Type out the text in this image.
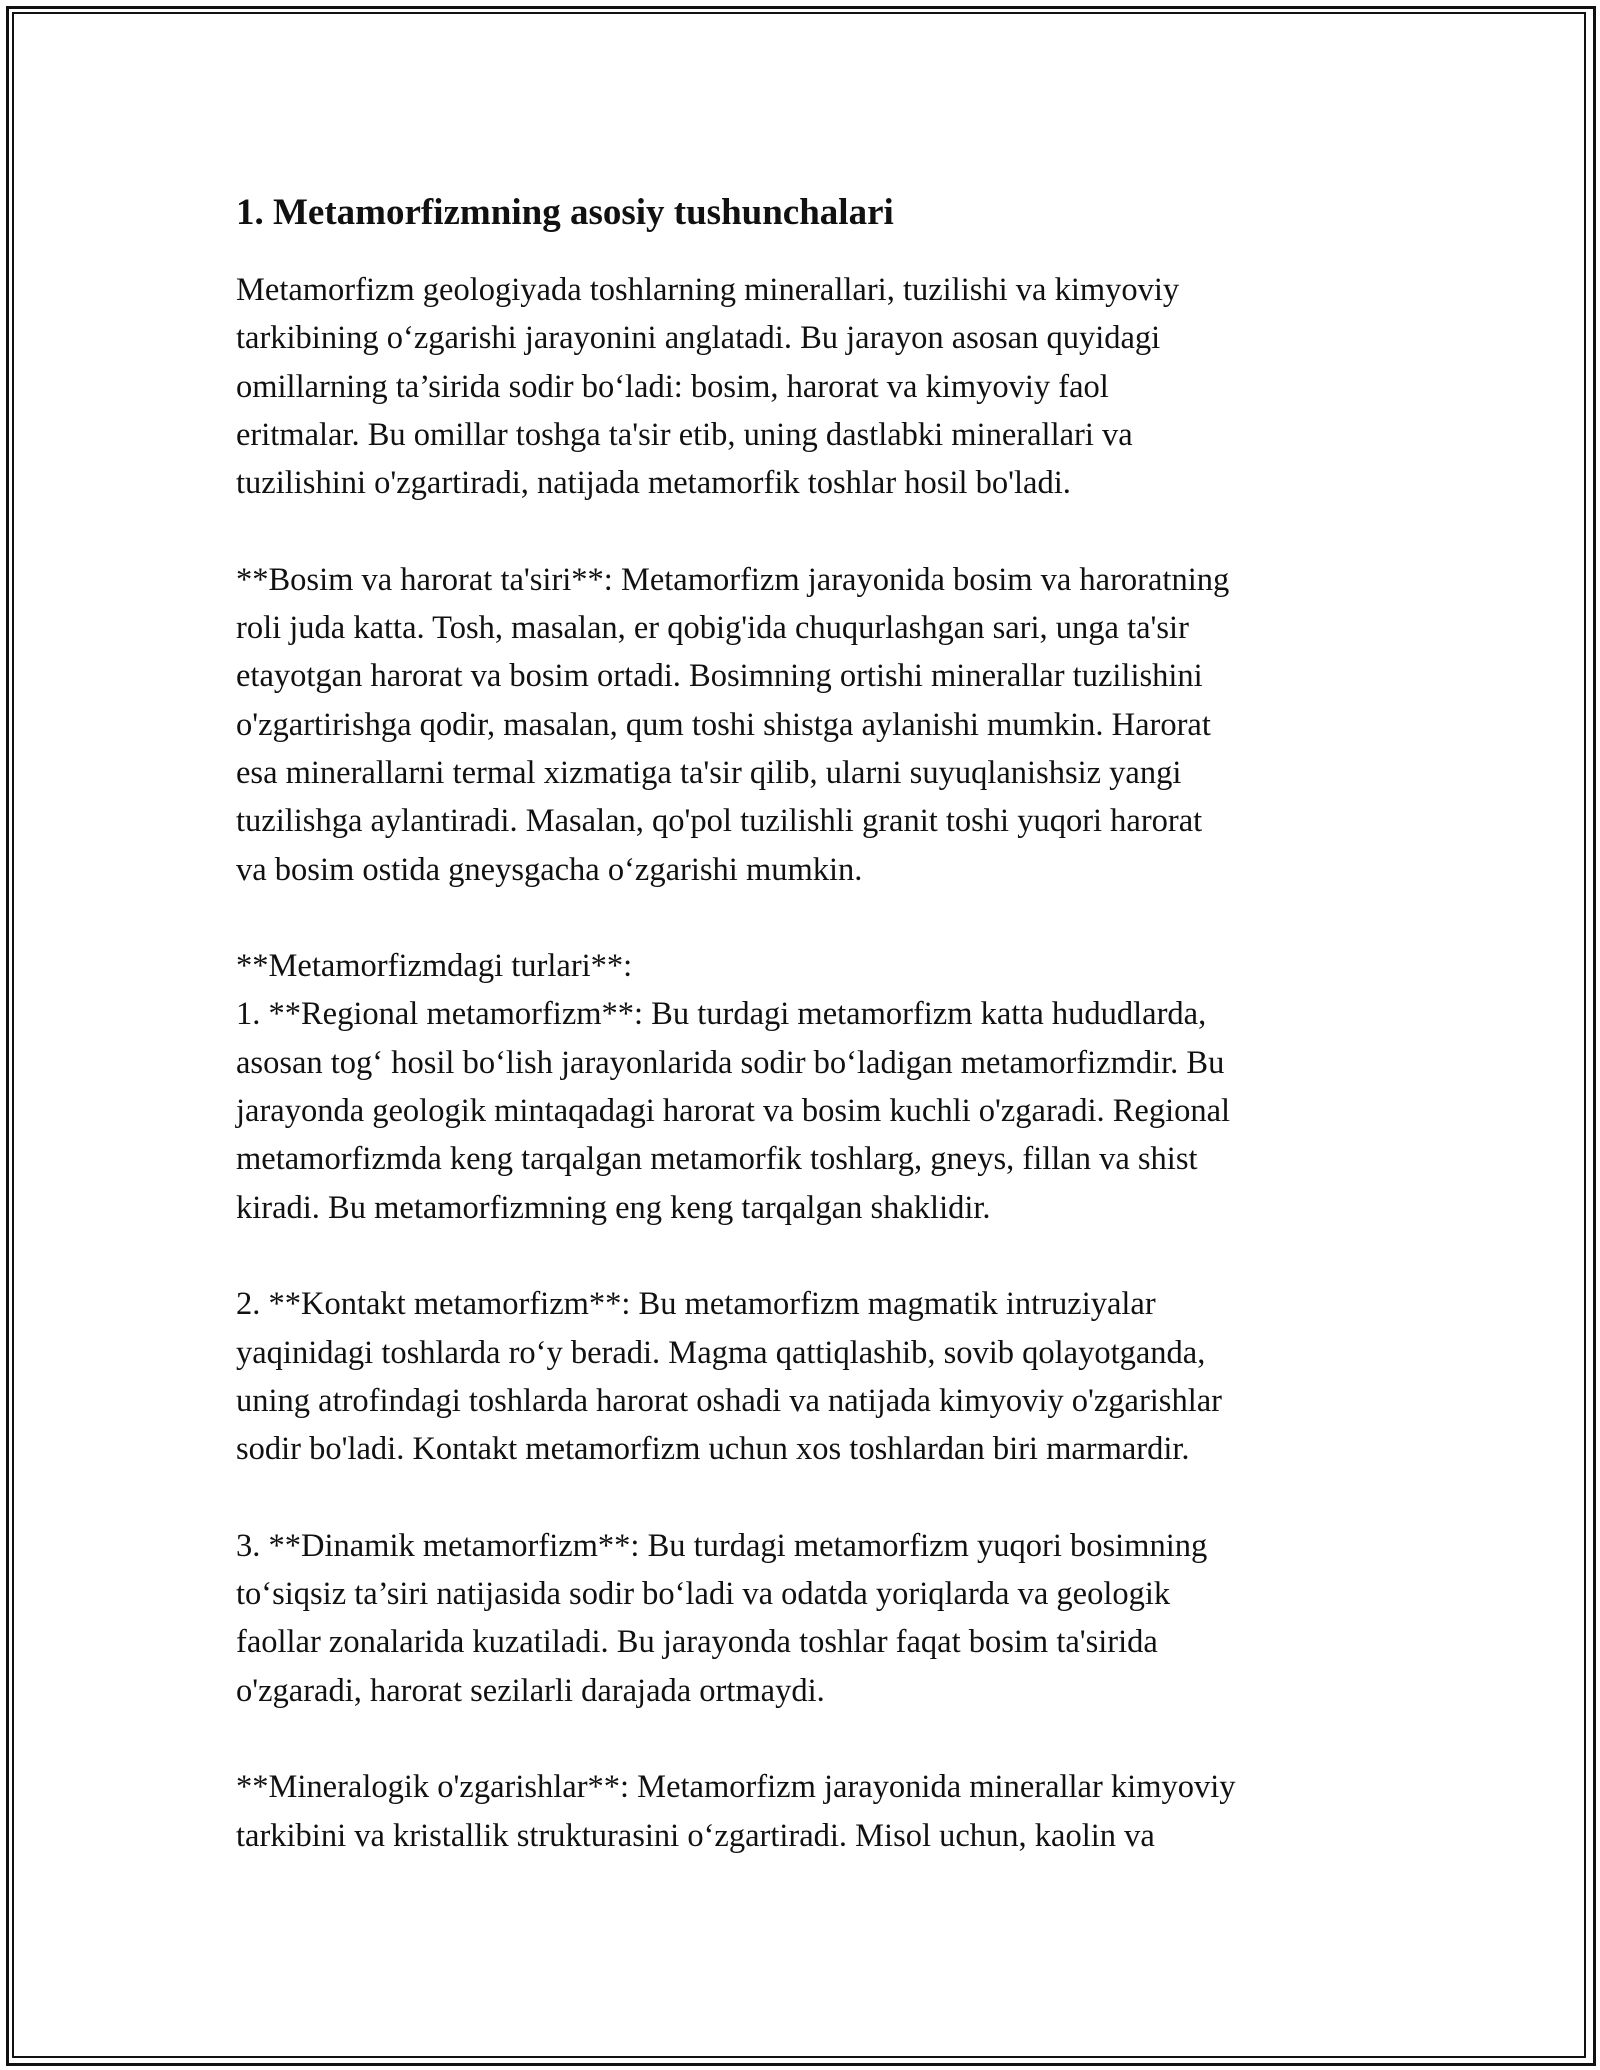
1. Metamorfizmning asosiy tushunchalari

Metamorfizm geologiyada toshlarning minerallari, tuzilishi va kimyoviy
tarkibining o‘zgarishi jarayonini anglatadi. Bu jarayon asosan quyidagi
omillarning ta’sirida sodir bo‘ladi: bosim, harorat va kimyoviy faol
eritmalar. Bu omillar toshga ta'sir etib, uning dastlabki minerallari va
tuzilishini o'zgartiradi, natijada metamorfik toshlar hosil bo'ladi.

**Bosim va harorat ta'siri**: Metamorfizm jarayonida bosim va haroratning
roli juda katta. Tosh, masalan, er qobig'ida chuqurlashgan sari, unga ta'sir
etayotgan harorat va bosim ortadi. Bosimning ortishi minerallar tuzilishini
o'zgartirishga qodir, masalan, qum toshi shistga aylanishi mumkin. Harorat
esa minerallarni termal xizmatiga ta'sir qilib, ularni suyuqlanishsiz yangi
tuzilishga aylantiradi. Masalan, qo'pol tuzilishli granit toshi yuqori harorat
va bosim ostida gneysgacha o‘zgarishi mumkin.

**Metamorfizmdagi turlari**:
1. **Regional metamorfizm**: Bu turdagi metamorfizm katta hududlarda,
asosan tog‘ hosil bo‘lish jarayonlarida sodir bo‘ladigan metamorfizmdir. Bu
jarayonda geologik mintaqadagi harorat va bosim kuchli o'zgaradi. Regional
metamorfizmda keng tarqalgan metamorfik toshlarg, gneys, fillan va shist
kiradi. Bu metamorfizmning eng keng tarqalgan shaklidir.

2. **Kontakt metamorfizm**: Bu metamorfizm magmatik intruziyalar
yaqinidagi toshlarda ro‘y beradi. Magma qattiqlashib, sovib qolayotganda,
uning atrofindagi toshlarda harorat oshadi va natijada kimyoviy o'zgarishlar
sodir bo'ladi. Kontakt metamorfizm uchun xos toshlardan biri marmardir.

3. **Dinamik metamorfizm**: Bu turdagi metamorfizm yuqori bosimning
to‘siqsiz ta’siri natijasida sodir bo‘ladi va odatda yoriqlarda va geologik
faollar zonalarida kuzatiladi. Bu jarayonda toshlar faqat bosim ta'sirida
o'zgaradi, harorat sezilarli darajada ortmaydi.

**Mineralogik o'zgarishlar**: Metamorfizm jarayonida minerallar kimyoviy
tarkibini va kristallik strukturasini o‘zgartiradi. Misol uchun, kaolin va
